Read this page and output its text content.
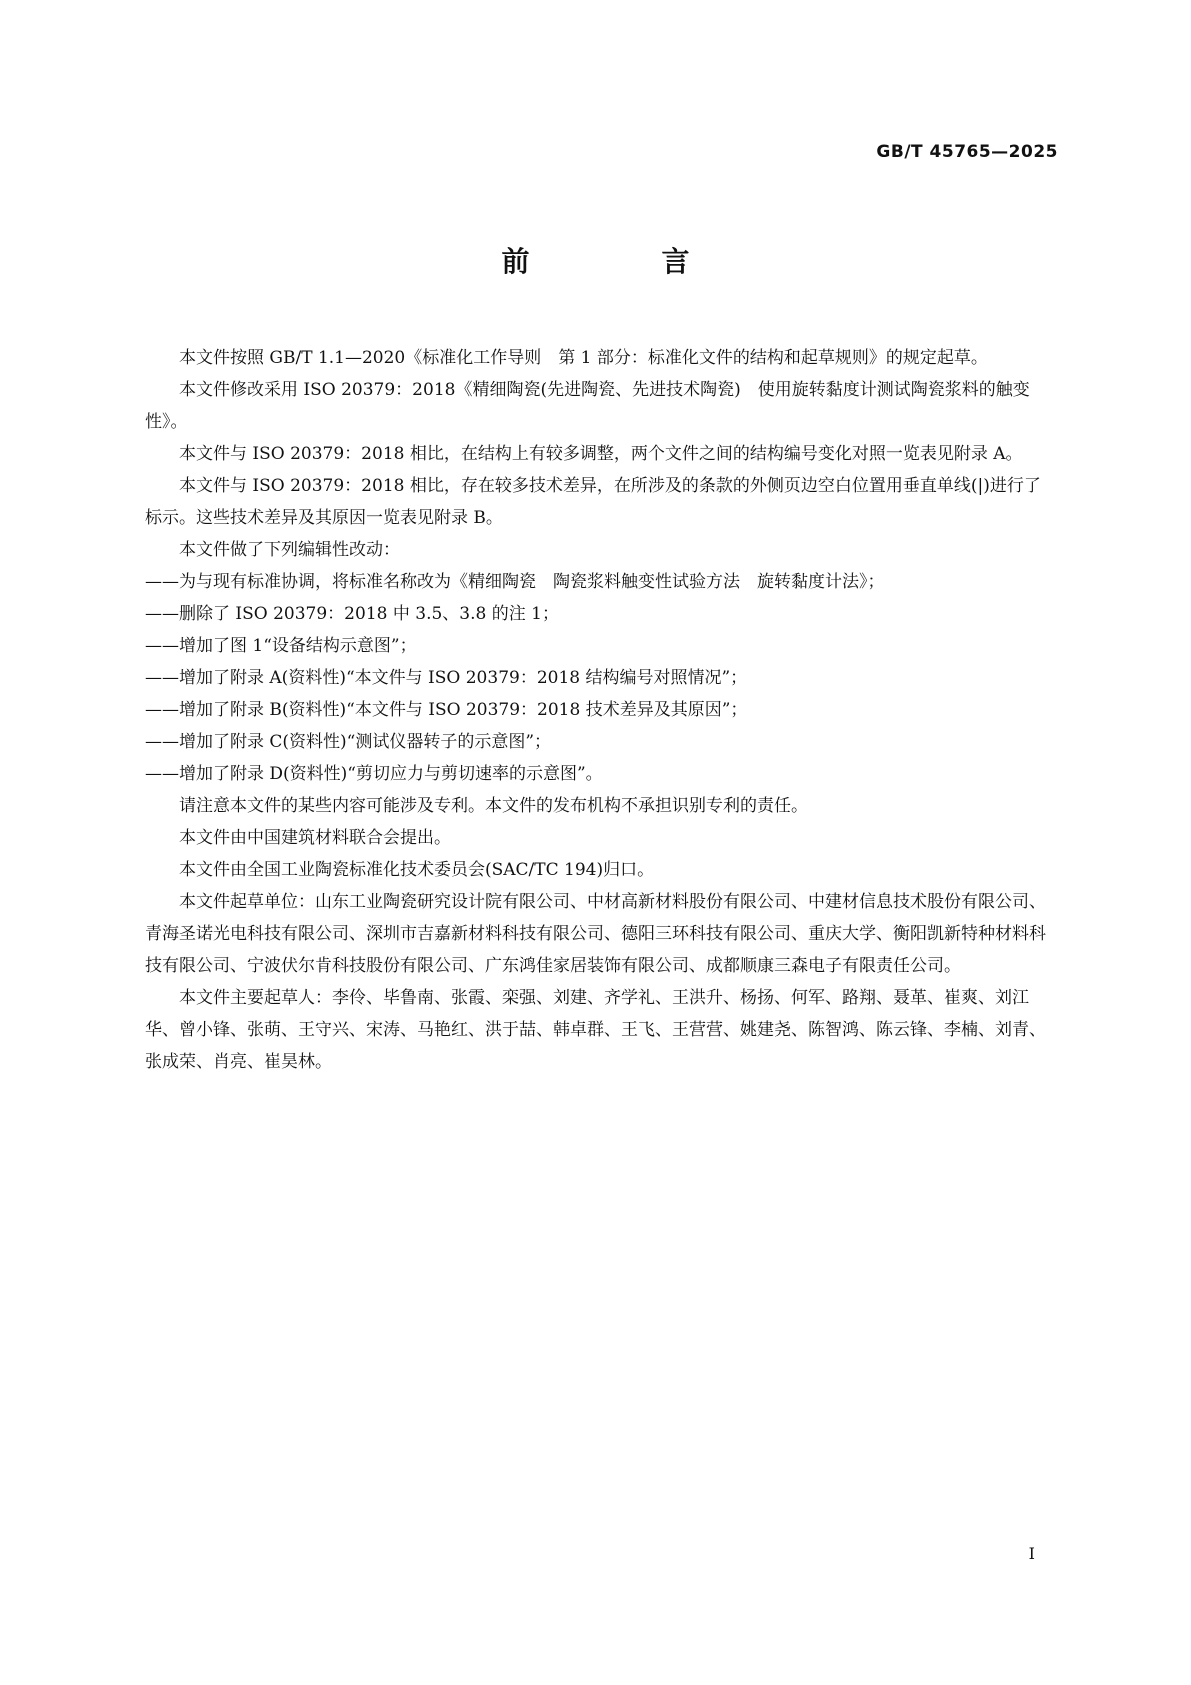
GB/T 45765—2025
前　言

本文件按照 GB/T 1.1—2020《标准化工作导则　第 1 部分：标准化文件的结构和起草规则》的规定起草。

本文件修改采用 ISO 20379：2018《精细陶瓷(先进陶瓷、先进技术陶瓷)　使用旋转黏度计测试陶瓷浆料的触变性》。

本文件与 ISO 20379：2018 相比，在结构上有较多调整，两个文件之间的结构编号变化对照一览表见附录 A。

本文件与 ISO 20379：2018 相比，存在较多技术差异，在所涉及的条款的外侧页边空白位置用垂直单线(|)进行了标示。这些技术差异及其原因一览表见附录 B。

本文件做了下列编辑性改动：

——为与现有标准协调，将标准名称改为《精细陶瓷　陶瓷浆料触变性试验方法　旋转黏度计法》；

——删除了 ISO 20379：2018 中 3.5、3.8 的注 1；

——增加了图 1“设备结构示意图”；

——增加了附录 A(资料性)“本文件与 ISO 20379：2018 结构编号对照情况”；

——增加了附录 B(资料性)“本文件与 ISO 20379：2018 技术差异及其原因”；

——增加了附录 C(资料性)“测试仪器转子的示意图”；

——增加了附录 D(资料性)“剪切应力与剪切速率的示意图”。

请注意本文件的某些内容可能涉及专利。本文件的发布机构不承担识别专利的责任。

本文件由中国建筑材料联合会提出。

本文件由全国工业陶瓷标准化技术委员会(SAC/TC 194)归口。

本文件起草单位：山东工业陶瓷研究设计院有限公司、中材高新材料股份有限公司、中建材信息技术股份有限公司、青海圣诺光电科技有限公司、深圳市吉嘉新材料科技有限公司、德阳三环科技有限公司、重庆大学、衡阳凯新特种材料科技有限公司、宁波伏尔肯科技股份有限公司、广东鸿佳家居装饰有限公司、成都顺康三森电子有限责任公司。

本文件主要起草人：李伶、毕鲁南、张霞、栾强、刘建、齐学礼、王洪升、杨扬、何军、路翔、聂革、崔爽、刘江华、曾小锋、张萌、王守兴、宋涛、马艳红、洪于喆、韩卓群、王飞、王营营、姚建尧、陈智鸿、陈云锋、李楠、刘青、张成荣、肖亮、崔昊林。

I
